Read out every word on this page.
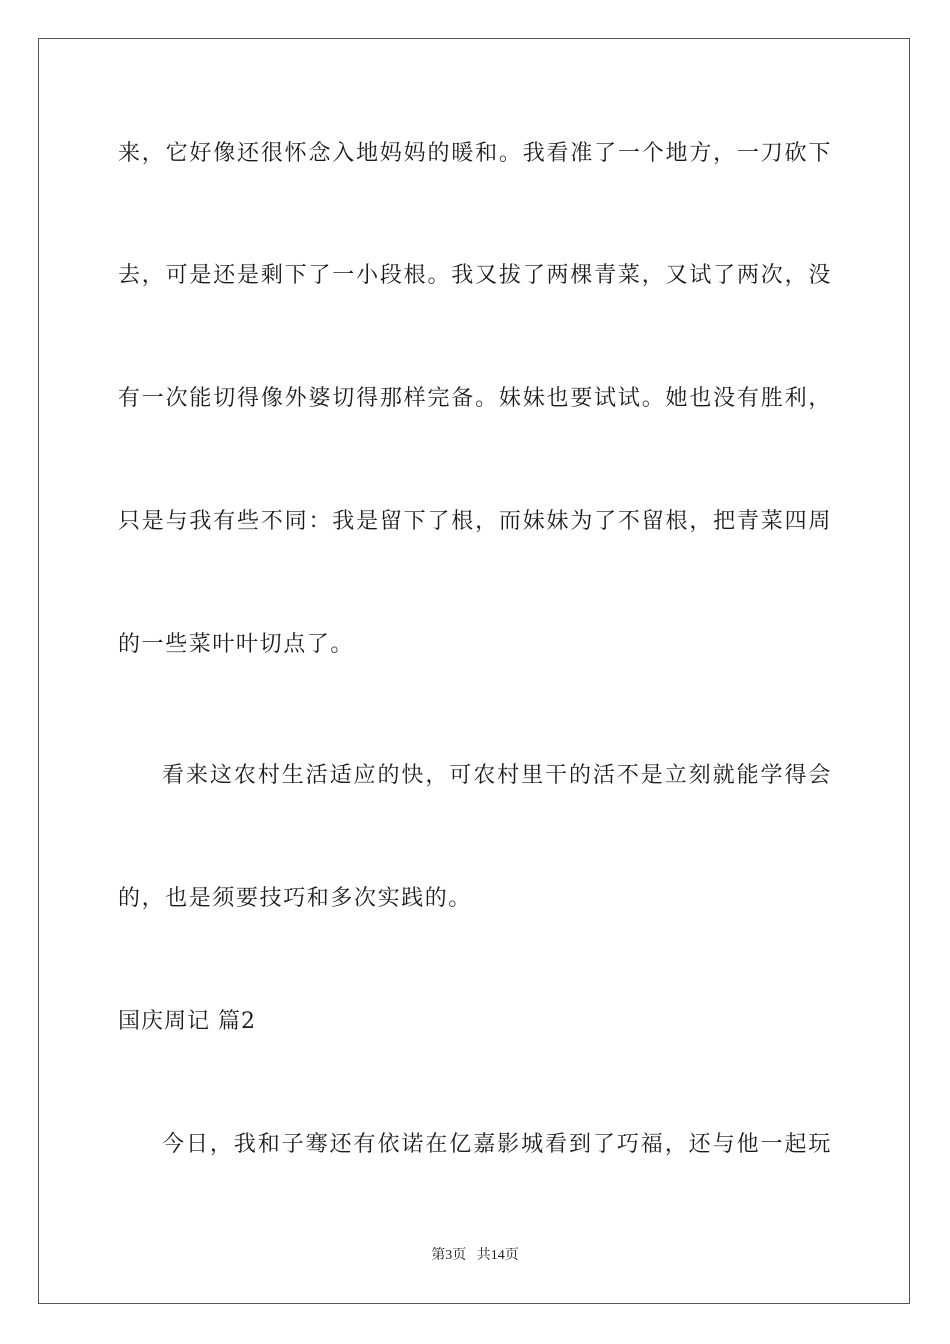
来，它好像还很怀念入地妈妈的暖和。我看准了一个地方，一刀砍下
去，可是还是剩下了一小段根。我又拔了两棵青菜，又试了两次，没
有一次能切得像外婆切得那样完备。妹妹也要试试。她也没有胜利，
只是与我有些不同：我是留下了根，而妹妹为了不留根，把青菜四周
的一些菜叶叶切点了。
看来这农村生活适应的快，可农村里干的活不是立刻就能学得会
的，也是须要技巧和多次实践的。
国庆周记 篇2
今日，我和子骞还有依诺在亿嘉影城看到了巧福，还与他一起玩
第3页 共14页
